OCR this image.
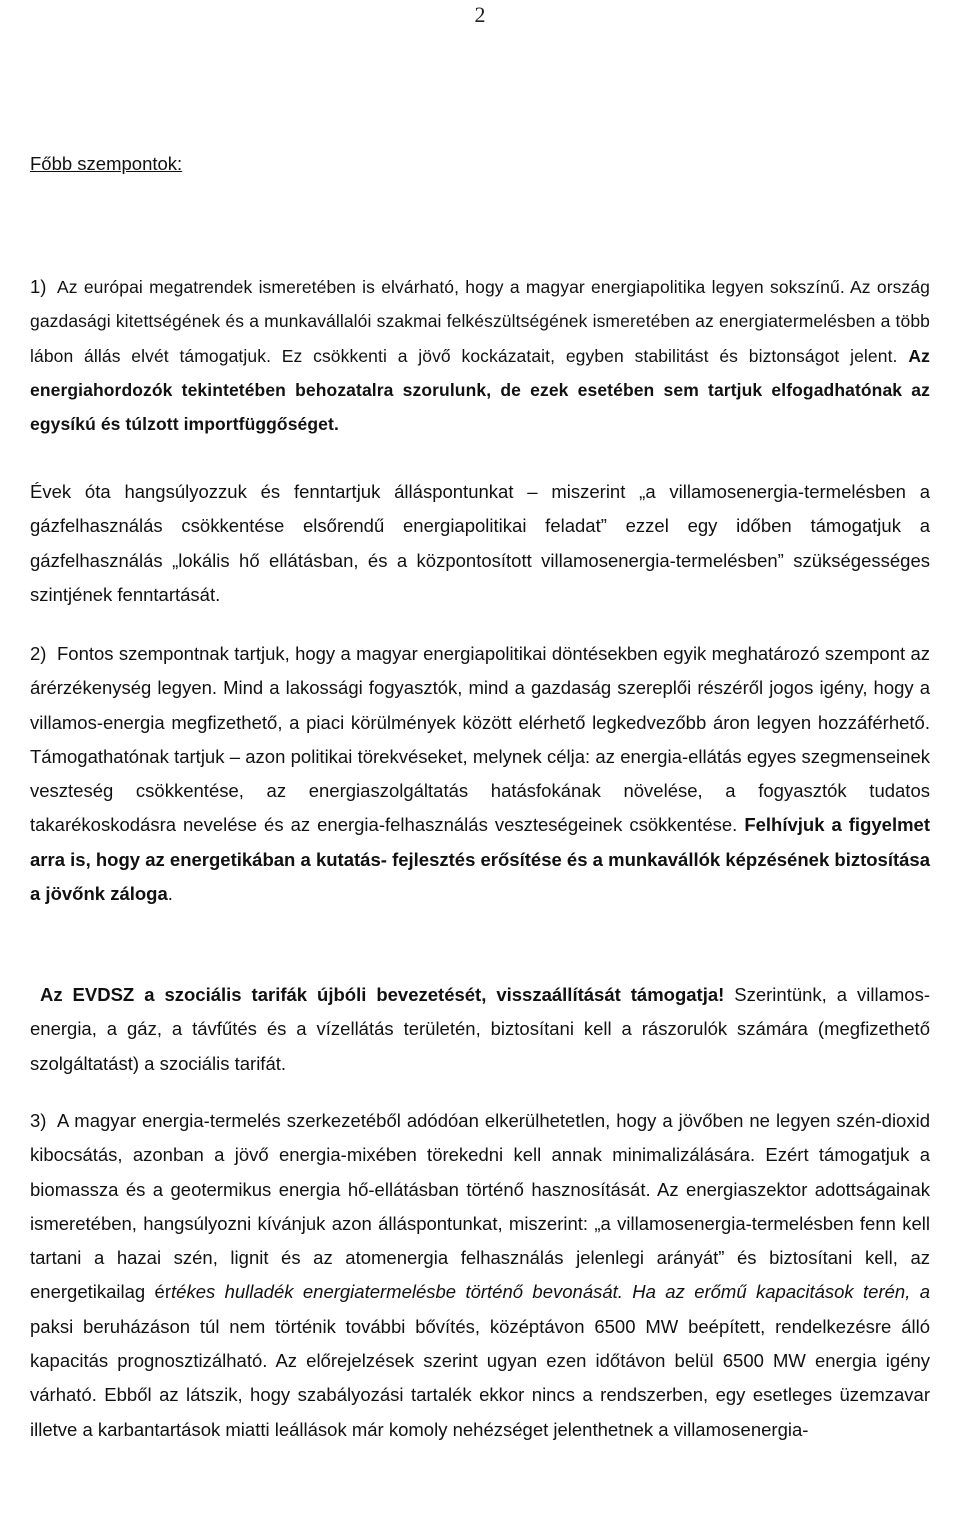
2
Főbb szempontok:

1) Az európai megatrendek ismeretében is elvárható, hogy a magyar energiapolitika legyen sokszínű. Az ország gazdasági kitettségének és a munkavállalói szakmai felkészültségének ismeretében az energiatermelésben a több lábon állás elvét támogatjuk. Ez csökkenti a jövő kockázatait, egyben stabilitást és biztonságot jelent. Az energiahordozók tekintetében behozatalra szorulunk, de ezek esetében sem tartjuk elfogadhatónak az egysíkú és túlzott importfüggőséget.

Évek óta hangsúlyozzuk és fenntartjuk álláspontunkat – miszerint „a villamosenergia-termelésben a gázfelhasználás csökkentése elsőrendű energiapolitikai feladat” ezzel egy időben támogatjuk a gázfelhasználás „lokális hő ellátásban, és a központosított villamosenergia-termelésben” szükségességes szintjének fenntartását.

2) Fontos szempontnak tartjuk, hogy a magyar energiapolitikai döntésekben egyik meghatározó szempont az árérzékenység legyen. Mind a lakossági fogyasztók, mind a gazdaság szereplői részéről jogos igény, hogy a villamos-energia megfizethető, a piaci körülmények között elérhető legkedvezőbb áron legyen hozzáférhető. Támogathatónak tartjuk – azon politikai törekvéseket, melynek célja: az energia-ellátás egyes szegmenseinek veszteség csökkentése, az energiaszolgáltatás hatásfokának növelése, a fogyasztók tudatos takarékoskodásra nevelése és az energia-felhasználás veszteségeinek csökkentése. Felhívjuk a figyelmet arra is, hogy az energetikában a kutatás- fejlesztés erősítése és a munkavállók képzésének biztosítása a jövőnk záloga.

Az EVDSZ a szociális tarifák újbóli bevezetését, visszaállítását támogatja! Szerintünk, a villamos-energia, a gáz, a távfűtés és a vízellátás területén, biztosítani kell a rászorulók számára (megfizethető szolgáltatást) a szociális tarifát.

3) A magyar energia-termelés szerkezetéből adódóan elkerülhetetlen, hogy a jövőben ne legyen szén-dioxid kibocsátás, azonban a jövő energia-mixében törekedni kell annak minimalizálására. Ezért támogatjuk a biomassza és a geotermikus energia hő-ellátásban történő hasznosítását. Az energiaszektor adottságainak ismeretében, hangsúlyozni kívánjuk azon álláspontunkat, miszerint: „a villamosenergia-termelésben fenn kell tartani a hazai szén, lignit és az atomenergia felhasználás jelenlegi arányát” és biztosítani kell, az energetikailag értékes hulladék energiatermelésbe történő bevonását. Ha az erőmű kapacitások terén, a paksi beruházáson túl nem történik további bővítés, középtávon 6500 MW beépített, rendelkezésre álló kapacitás prognosztizálható. Az előrejelzések szerint ugyan ezen időtávon belül 6500 MW energia igény várható. Ebből az látszik, hogy szabályozási tartalék ekkor nincs a rendszerben, egy esetleges üzemzavar illetve a karbantartások miatti leállások már komoly nehézséget jelenthetnek a villamosenergia-
